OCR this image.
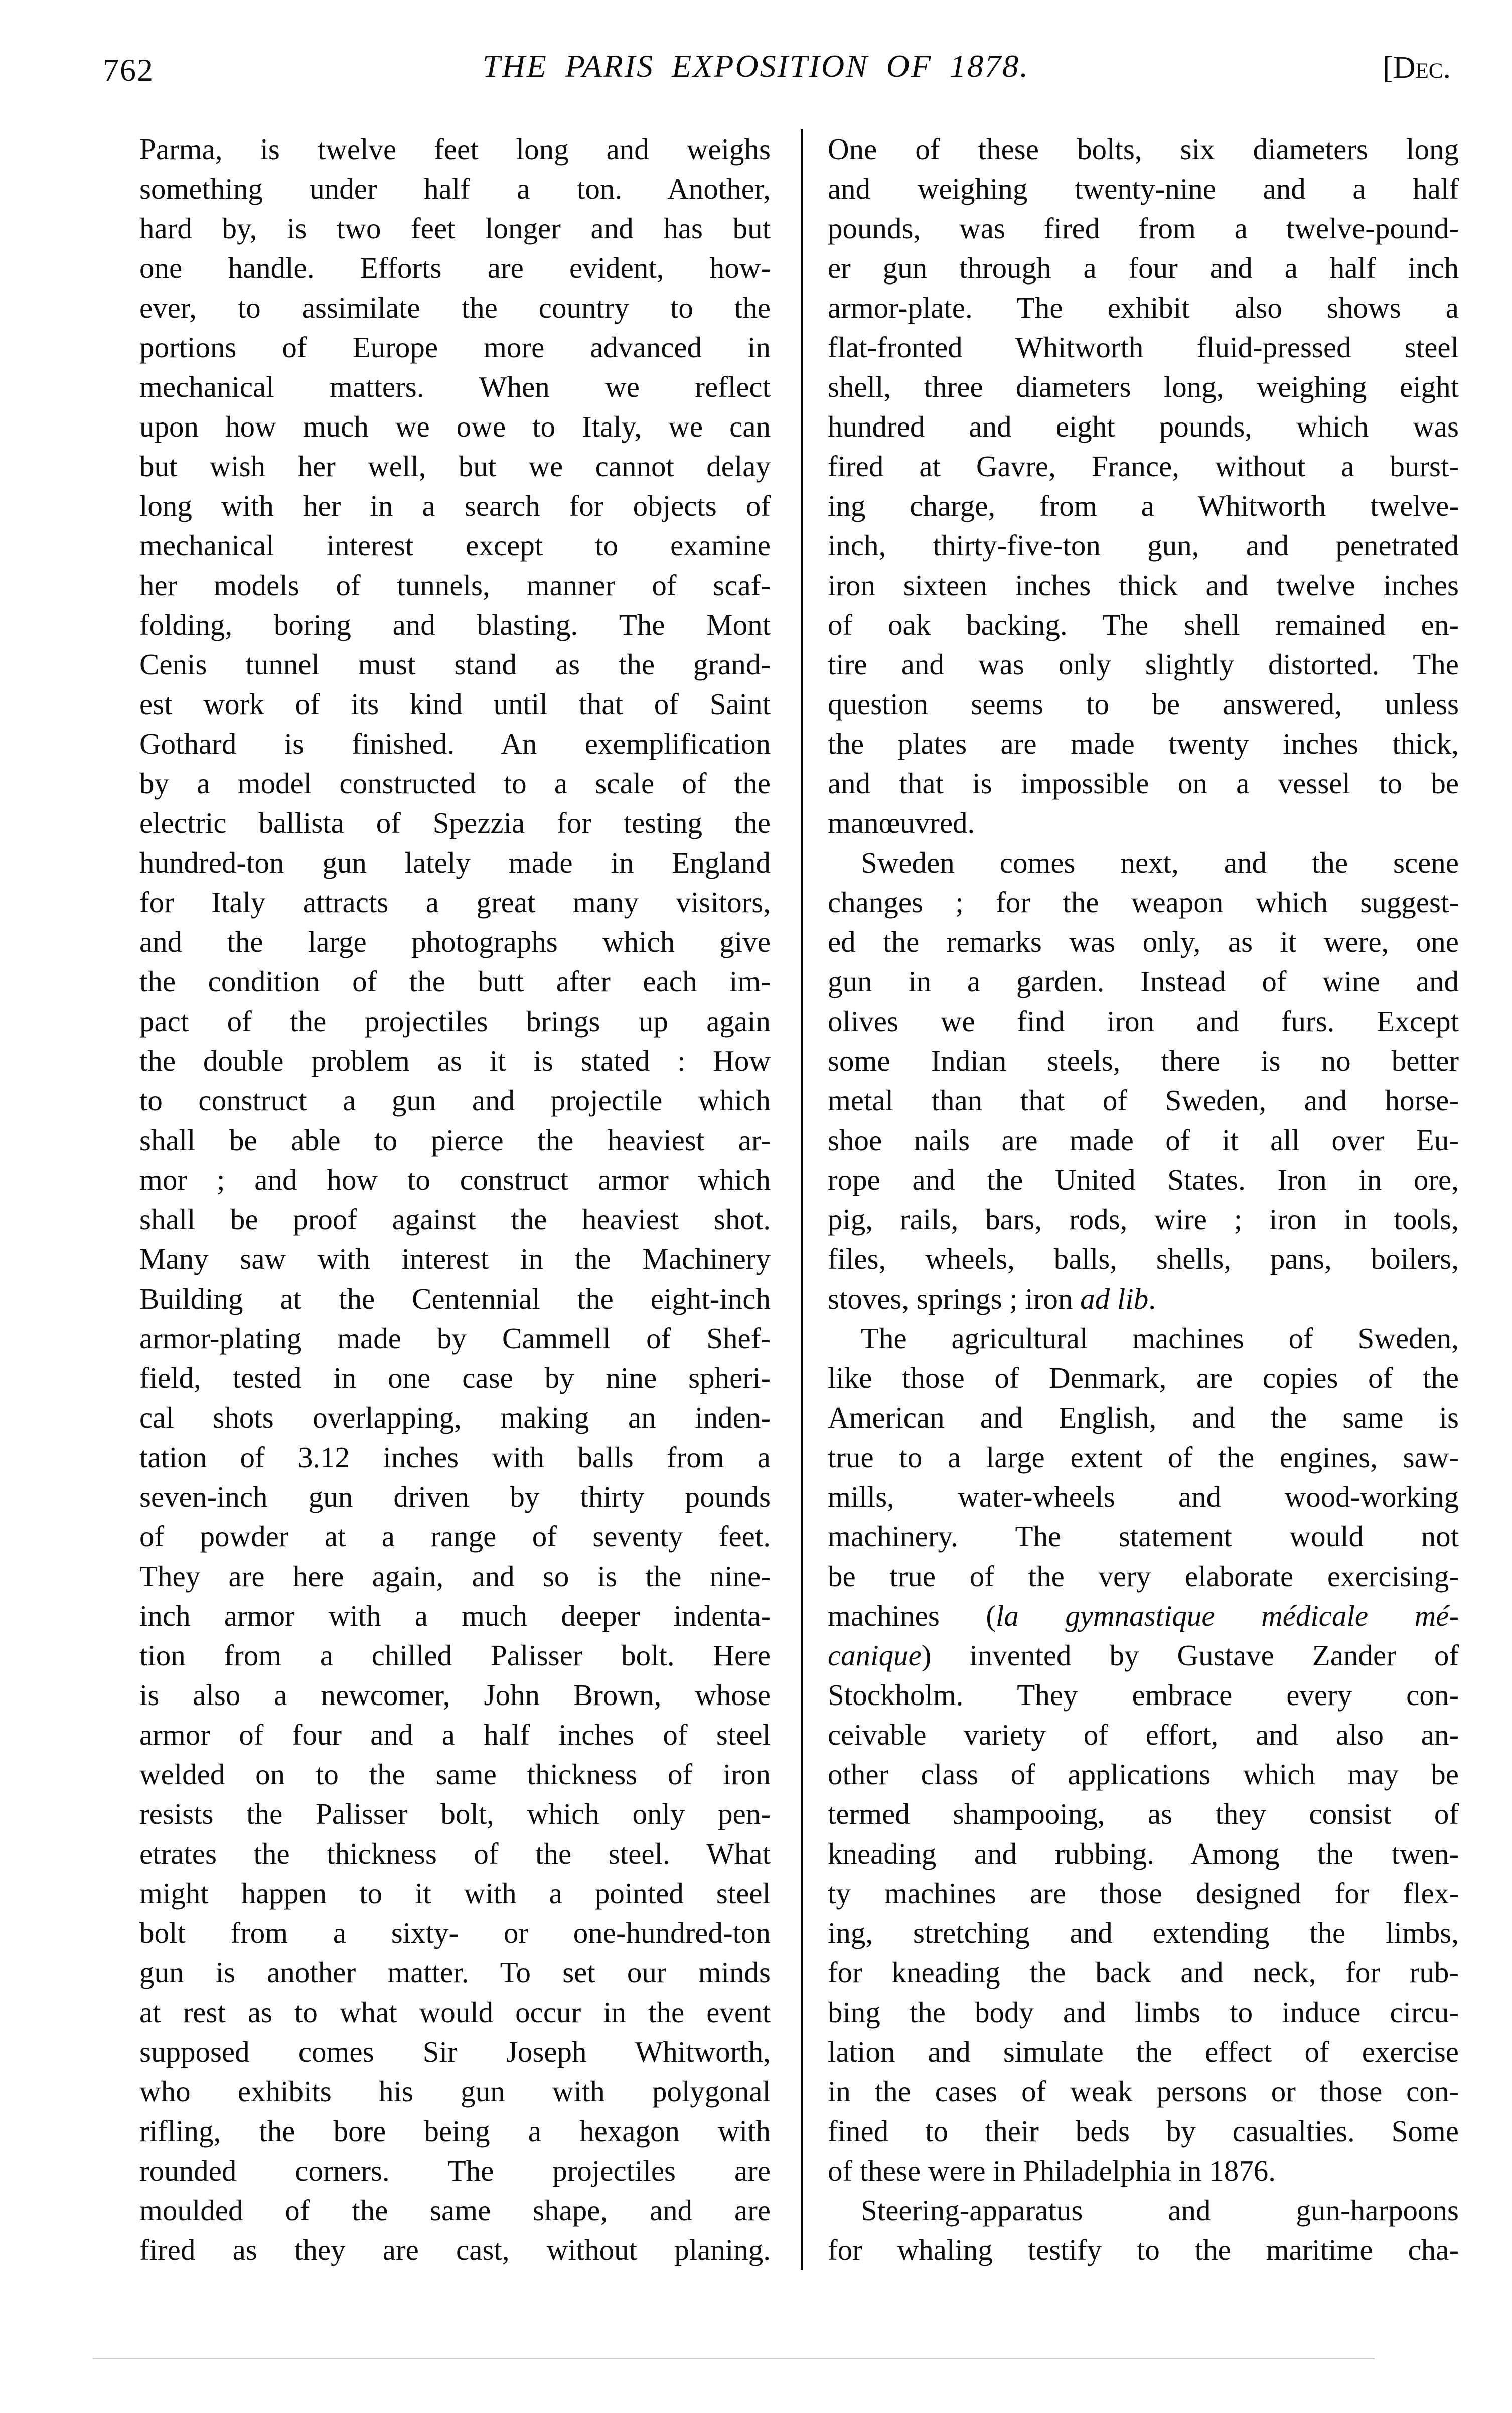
762	THE PARIS EXPOSITION OF 1878.	[Dec.
Parma, is twelve feet long and weighs
something under half a ton. Another,
hard by, is two feet longer and has but
one handle. Efforts are evident, how-
ever, to assimilate the country to the
portions of Europe more advanced in
mechanical matters. When we reflect
upon how much we owe to Italy, we can
but wish her well, but we cannot delay
long with her in a search for objects of
mechanical interest except to examine
her models of tunnels, manner of scaf-
folding, boring and blasting. The Mont
Cenis tunnel must stand as the grand-
est work of its kind until that of Saint
Gothard is finished. An exemplification
by a model constructed to a scale of the
electric ballista of Spezzia for testing the
hundred-ton gun lately made in England
for Italy attracts a great many visitors,
and the large photographs which give
the condition of the butt after each im-
pact of the projectiles brings up again
the double problem as it is stated : How
to construct a gun and projectile which
shall be able to pierce the heaviest ar-
mor ; and how to construct armor which
shall be proof against the heaviest shot.
Many saw with interest in the Machinery
Building at the Centennial the eight-inch
armor-plating made by Cammell of Shef-
field, tested in one case by nine spheri-
cal shots overlapping, making an inden-
tation of 3.12 inches with balls from a
seven-inch gun driven by thirty pounds
of powder at a range of seventy feet.
They are here again, and so is the nine-
inch armor with a much deeper indenta-
tion from a chilled Palisser bolt. Here
is also a newcomer, John Brown, whose
armor of four and a half inches of steel
welded on to the same thickness of iron
resists the Palisser bolt, which only pen-
etrates the thickness of the steel. What
might happen to it with a pointed steel
bolt from a sixty- or one-hundred-ton
gun is another matter. To set our minds
at rest as to what would occur in the event
supposed comes Sir Joseph Whitworth,
who exhibits his gun with polygonal
rifling, the bore being a hexagon with
rounded corners. The projectiles are
moulded of the same shape, and are
fired as they are cast, without planing.
One of these bolts, six diameters long
and weighing twenty-nine and a half
pounds, was fired from a twelve-pound-
er gun through a four and a half inch
armor-plate. The exhibit also shows a
flat-fronted Whitworth fluid-pressed steel
shell, three diameters long, weighing eight
hundred and eight pounds, which was
fired at Gavre, France, without a burst-
ing charge, from a Whitworth twelve-
inch, thirty-five-ton gun, and penetrated
iron sixteen inches thick and twelve inches
of oak backing. The shell remained en-
tire and was only slightly distorted. The
question seems to be answered, unless
the plates are made twenty inches thick,
and that is impossible on a vessel to be
manœuvred.
Sweden comes next, and the scene
changes ; for the weapon which suggest-
ed the remarks was only, as it were, one
gun in a garden. Instead of wine and
olives we find iron and furs. Except
some Indian steels, there is no better
metal than that of Sweden, and horse-
shoe nails are made of it all over Eu-
rope and the United States. Iron in ore,
pig, rails, bars, rods, wire ; iron in tools,
files, wheels, balls, shells, pans, boilers,
stoves, springs ; iron ad lib.
The agricultural machines of Sweden,
like those of Denmark, are copies of the
American and English, and the same is
true to a large extent of the engines, saw-
mills, water-wheels and wood-working
machinery. The statement would not
be true of the very elaborate exercising-
machines (la gymnastique médicale mé-
canique) invented by Gustave Zander of
Stockholm. They embrace every con-
ceivable variety of effort, and also an-
other class of applications which may be
termed shampooing, as they consist of
kneading and rubbing. Among the twen-
ty machines are those designed for flex-
ing, stretching and extending the limbs,
for kneading the back and neck, for rub-
bing the body and limbs to induce circu-
lation and simulate the effect of exercise
in the cases of weak persons or those con-
fined to their beds by casualties. Some
of these were in Philadelphia in 1876.
Steering-apparatus and gun-harpoons
for whaling testify to the maritime cha-
